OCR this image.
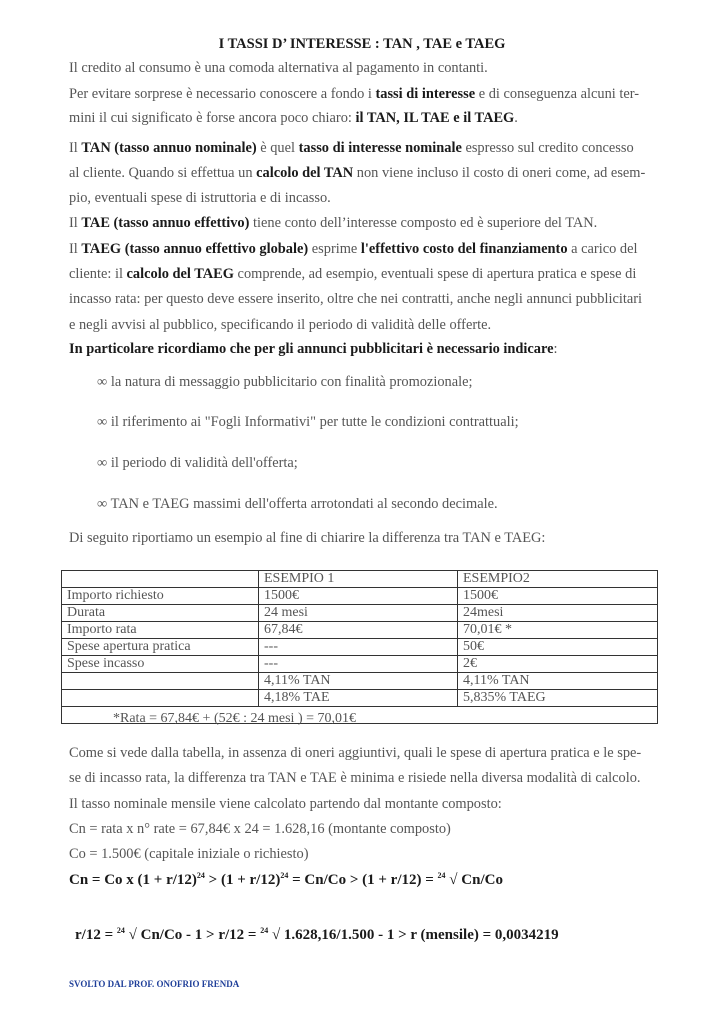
I TASSI D’ INTERESSE : TAN , TAE e TAEG
Il credito al consumo è una comoda alternativa al pagamento in contanti.
Per evitare sorprese è necessario conoscere a fondo i tassi di interesse e di conseguenza alcuni ter-
mini il cui significato è forse ancora poco chiaro: il TAN, IL TAE e il TAEG.
Il TAN (tasso annuo nominale) è quel tasso di interesse nominale espresso sul credito concesso
al cliente. Quando si effettua un calcolo del TAN non viene incluso il costo di oneri come, ad esem-
pio, eventuali spese di istruttoria e di incasso.
Il TAE (tasso annuo effettivo) tiene conto dell’interesse composto ed è superiore del TAN.
Il TAEG (tasso annuo effettivo globale) esprime l'effettivo costo del finanziamento a carico del
cliente: il calcolo del TAEG comprende, ad esempio, eventuali spese di apertura pratica e spese di
incasso rata: per questo deve essere inserito, oltre che nei contratti, anche negli annunci pubblicitari
e negli avvisi al pubblico, specificando il periodo di validità delle offerte.
In particolare ricordiamo che per gli annunci pubblicitari è necessario indicare:
∞ la natura di messaggio pubblicitario con finalità promozionale;
∞ il riferimento ai "Fogli Informativi" per tutte le condizioni contrattuali;
∞ il periodo di validità dell'offerta;
∞ TAN e TAEG massimi dell'offerta arrotondati al secondo decimale.
Di seguito riportiamo un esempio al fine di chiarire la differenza tra TAN e TAEG:
	ESEMPIO 1	ESEMPIO2
Importo richiesto	1500€	1500€
Durata	24 mesi	24mesi
Importo rata	67,84€	70,01€ *
Spese apertura pratica	---	50€
Spese incasso	---	2€
	4,11% TAN	4,11% TAN
	4,18% TAE	5,835% TAEG

*Rata = 67,84€ + (52€ : 24 mesi ) = 70,01€
Come si vede dalla tabella, in assenza di oneri aggiuntivi, quali le spese di apertura pratica e le spe-
se di incasso rata, la differenza tra TAN e TAE è minima e risiede nella diversa modalità di calcolo.
Il tasso nominale mensile viene calcolato partendo dal montante composto:
Cn = rata x n° rate = 67,84€ x 24 = 1.628,16 (montante composto)
Co = 1.500€ (capitale iniziale o richiesto)
Cn = Co x $(1 + r/12)^{24} > (1 + r/12)^{24} = Cn/Co > (1 + r/12) = ^{24}$ √ Cn/Co
r/12 = $^{24}$ √ Cn/Co - 1 > r/12 = $^{24}$ √ 1.628,16/1.500 - 1 > r (mensile) = 0,0034219
SVOLTO DAL PROF. ONOFRIO FRENDA
